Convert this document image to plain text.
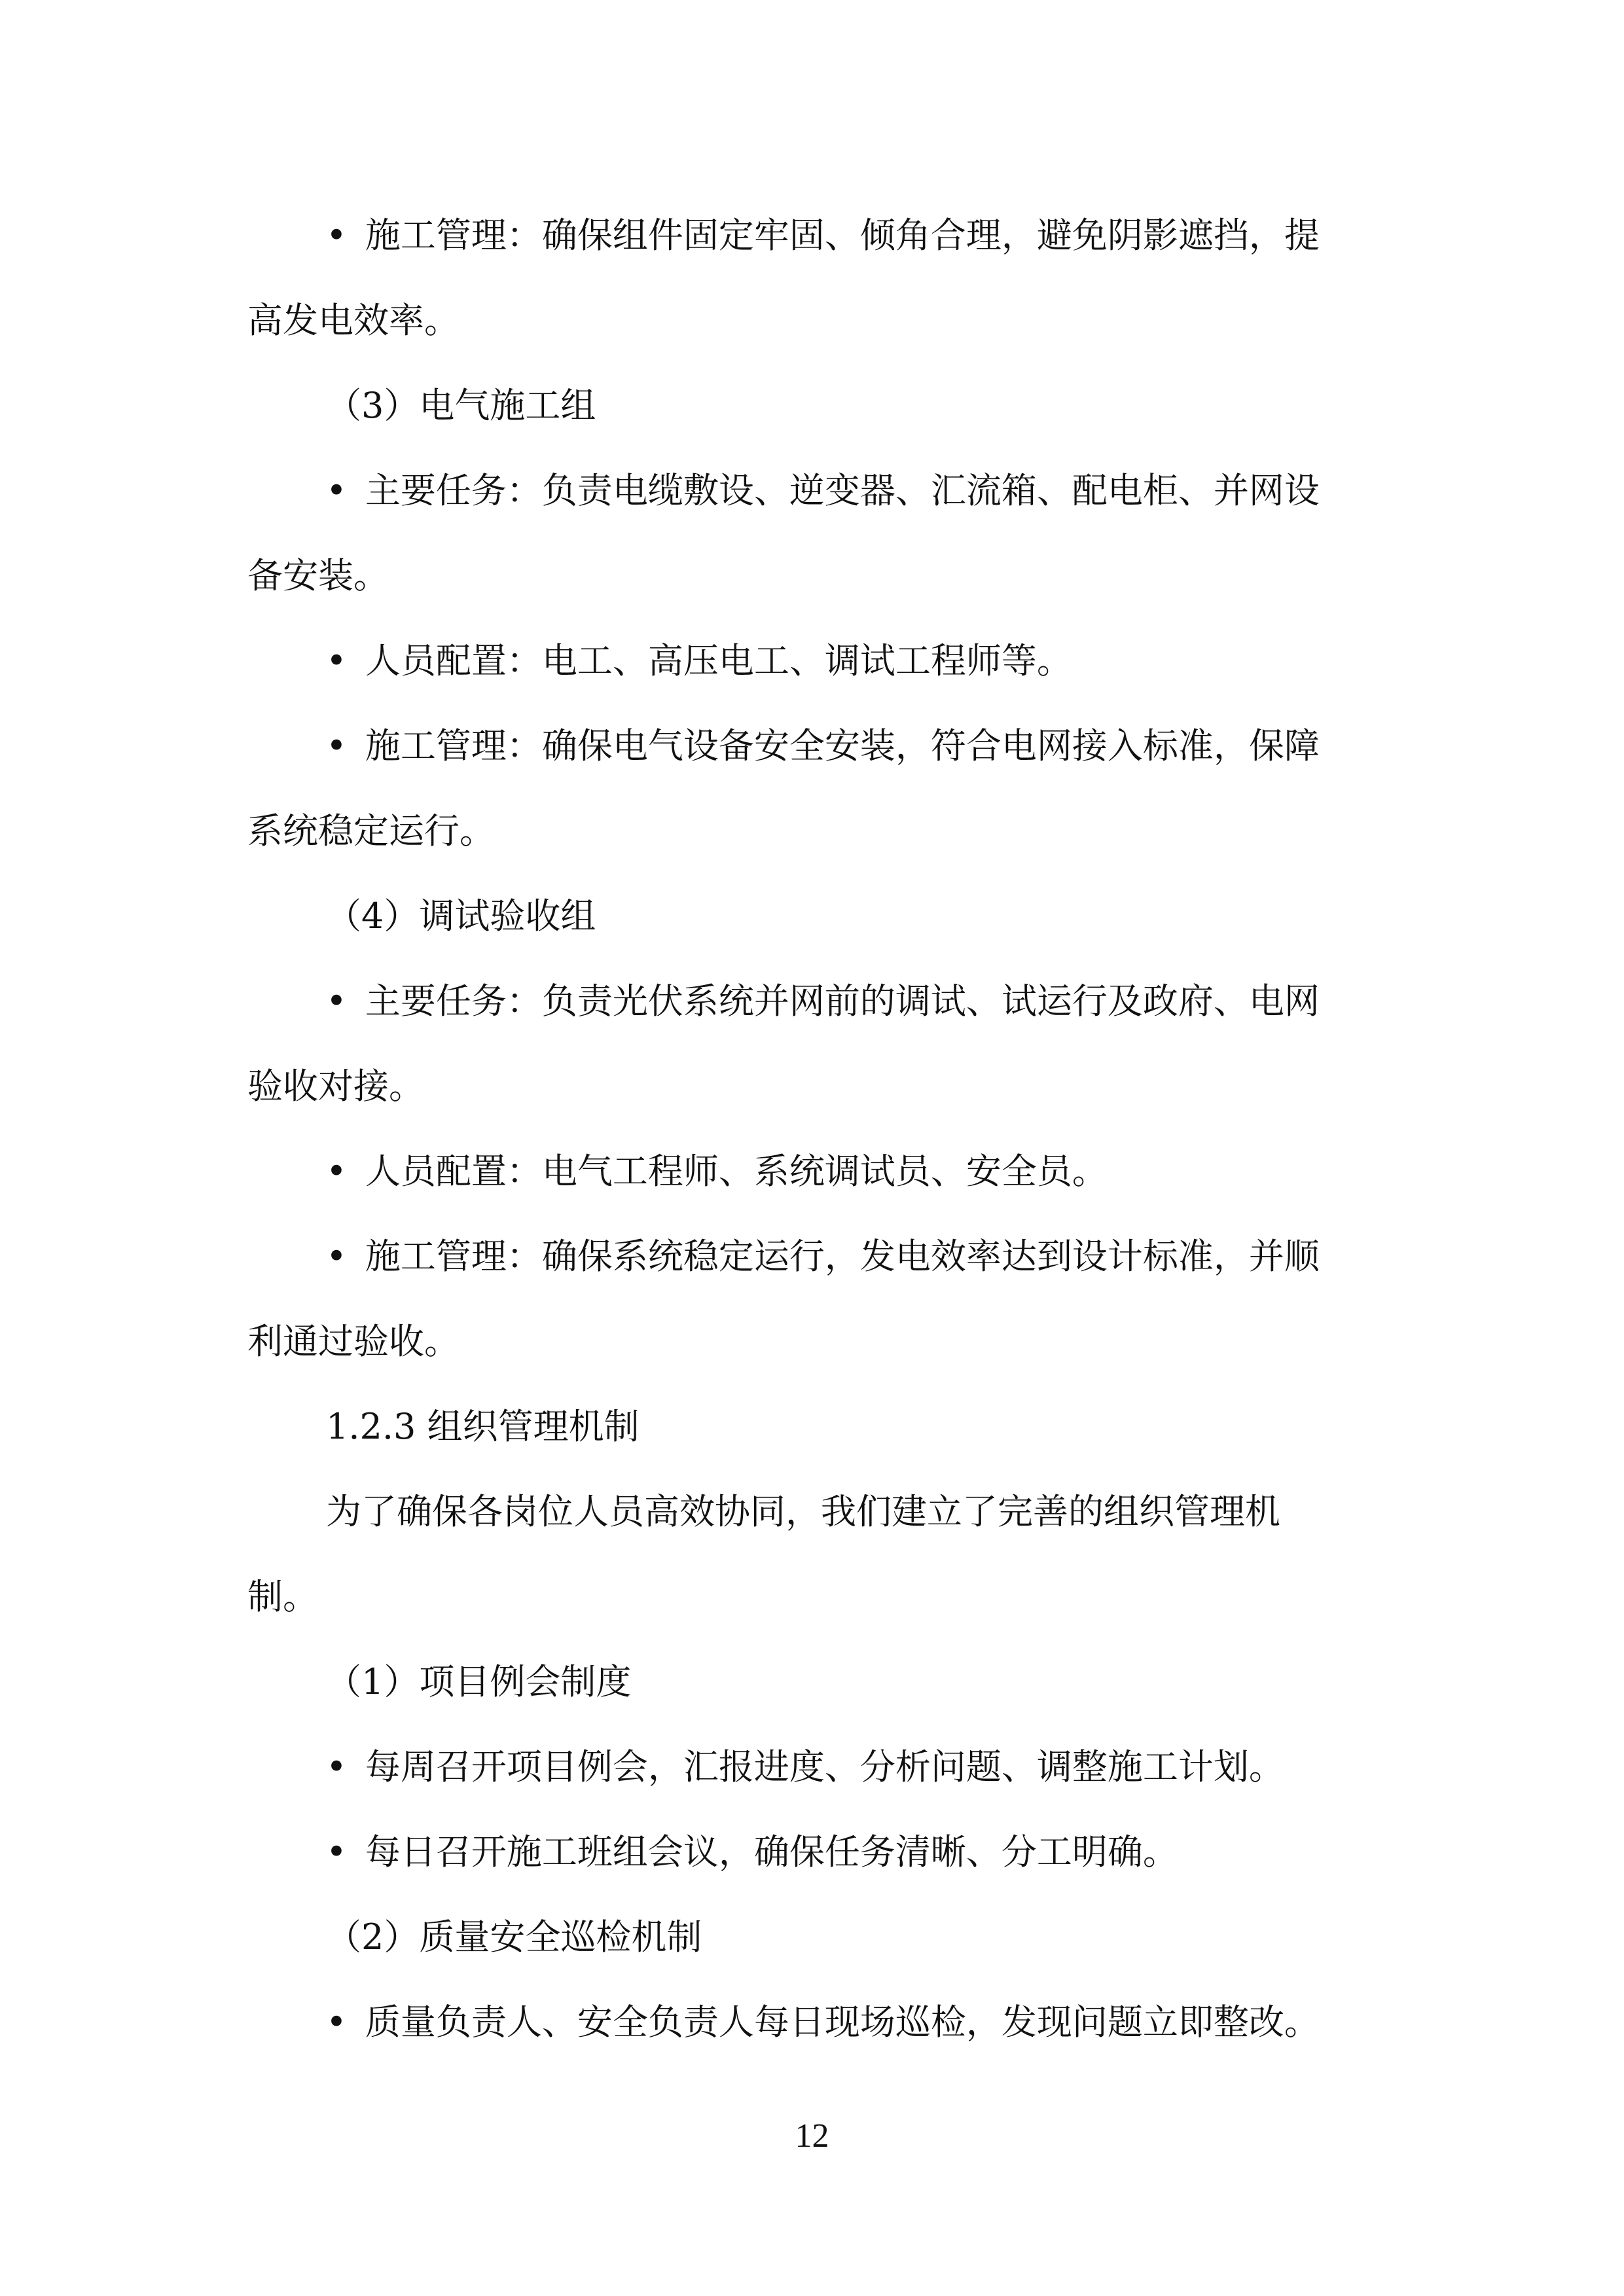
• 施工管理：确保组件固定牢固、倾角合理，避免阴影遮挡，提

高发电效率。

（3）电气施工组

• 主要任务：负责电缆敷设、逆变器、汇流箱、配电柜、并网设

备安装。

• 人员配置：电工、高压电工、调试工程师等。

• 施工管理：确保电气设备安全安装，符合电网接入标准，保障

系统稳定运行。

（4）调试验收组

• 主要任务：负责光伏系统并网前的调试、试运行及政府、电网

验收对接。

• 人员配置：电气工程师、系统调试员、安全员。

• 施工管理：确保系统稳定运行，发电效率达到设计标准，并顺

利通过验收。

1.2.3 组织管理机制

为了确保各岗位人员高效协同，我们建立了完善的组织管理机

制。

（1）项目例会制度

• 每周召开项目例会，汇报进度、分析问题、调整施工计划。

• 每日召开施工班组会议，确保任务清晰、分工明确。

（2）质量安全巡检机制

• 质量负责人、安全负责人每日现场巡检，发现问题立即整改。

12
